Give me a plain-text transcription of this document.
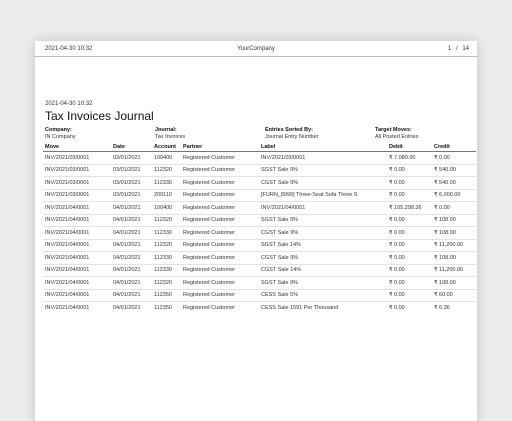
2021-04-30 10:32	YourCompany	1 / 14
2021-04-30 10:32
Tax Invoices Journal
Company:
IN Company
Journal:
Tax Invoices
Entries Sorted By:
Journal Entry Number
Target Moves:
All Posted Entries
Move	Date	Account	Partner	Label	Debit	Credit
INV/2021/03/0001	03/01/2021	100400	Registered Customer	INV/2021/03/0001	₹ 7,080.00	₹ 0.00
INV/2021/03/0001	03/01/2021	112320	Registered Customer	SGST Sale 9%	₹ 0.00	₹ 540.00
INV/2021/03/0001	03/01/2021	112330	Registered Customer	CGST Sale 9%	₹ 0.00	₹ 540.00
INV/2021/03/0001	03/01/2021	200110	Registered Customer	[FURN_8999] Three-Seat Sofa Three S	₹ 0.00	₹ 6,000.00
INV/2021/04/0001	04/01/2021	100400	Registered Customer	INV/2021/04/0001	₹ 105,298.36	₹ 0.00
INV/2021/04/0001	04/01/2021	112320	Registered Customer	SGST Sale 9%	₹ 0.00	₹ 108.00
INV/2021/04/0001	04/01/2021	112330	Registered Customer	CGST Sale 9%	₹ 0.00	₹ 108.00
INV/2021/04/0001	04/01/2021	112320	Registered Customer	SGST Sale 14%	₹ 0.00	₹ 11,200.00
INV/2021/04/0001	04/01/2021	112330	Registered Customer	CGST Sale 9%	₹ 0.00	₹ 108.00
INV/2021/04/0001	04/01/2021	112330	Registered Customer	CGST Sale 14%	₹ 0.00	₹ 11,200.00
INV/2021/04/0001	04/01/2021	112320	Registered Customer	SGST Sale 9%	₹ 0.00	₹ 108.00
INV/2021/04/0001	04/01/2021	112350	Registered Customer	CESS Sale 5%	₹ 0.00	₹ 60.00
INV/2021/04/0001	04/01/2021	112350	Registered Customer	CESS Sale 1591 Per Thousand	₹ 0.00	₹ 6.36
